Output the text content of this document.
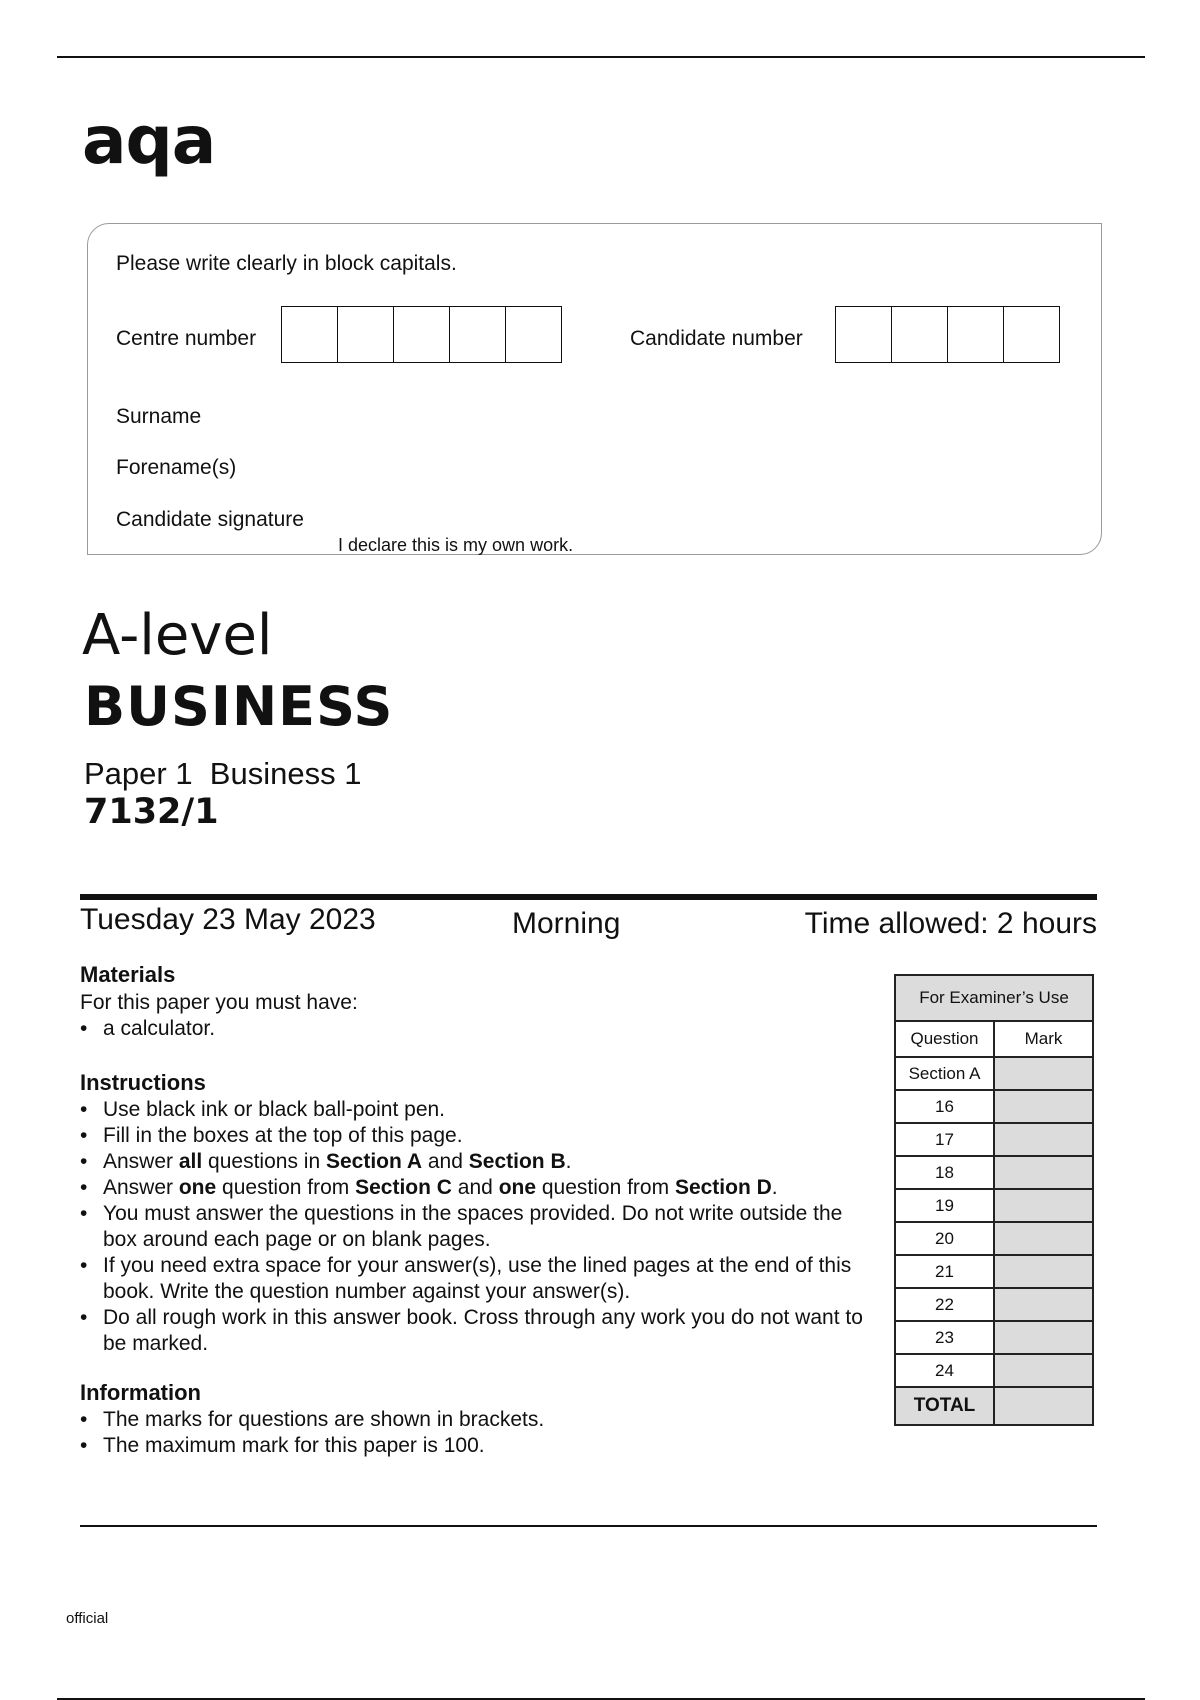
aqa
Please write clearly in block capitals.
Centre number	Candidate number
Surname
Forename(s)
Candidate signature
I declare this is my own work.
A-level
BUSINESS
Paper 1  Business 1
7132/1
Tuesday 23 May 2023	Morning	Time allowed: 2 hours
Materials
For this paper you must have:
• a calculator.
Instructions
• Use black ink or black ball-point pen.
• Fill in the boxes at the top of this page.
• Answer all questions in Section A and Section B.
• Answer one question from Section C and one question from Section D.
• You must answer the questions in the spaces provided. Do not write outside the box around each page or on blank pages.
• If you need extra space for your answer(s), use the lined pages at the end of this book. Write the question number against your answer(s).
• Do all rough work in this answer book. Cross through any work you do not want to be marked.
Information
• The marks for questions are shown in brackets.
• The maximum mark for this paper is 100.
For Examiner’s Use	
Question	Mark
Section A	
16	
17	
18	
19	
20	
21	
22	
23	
24	
TOTAL	
official
